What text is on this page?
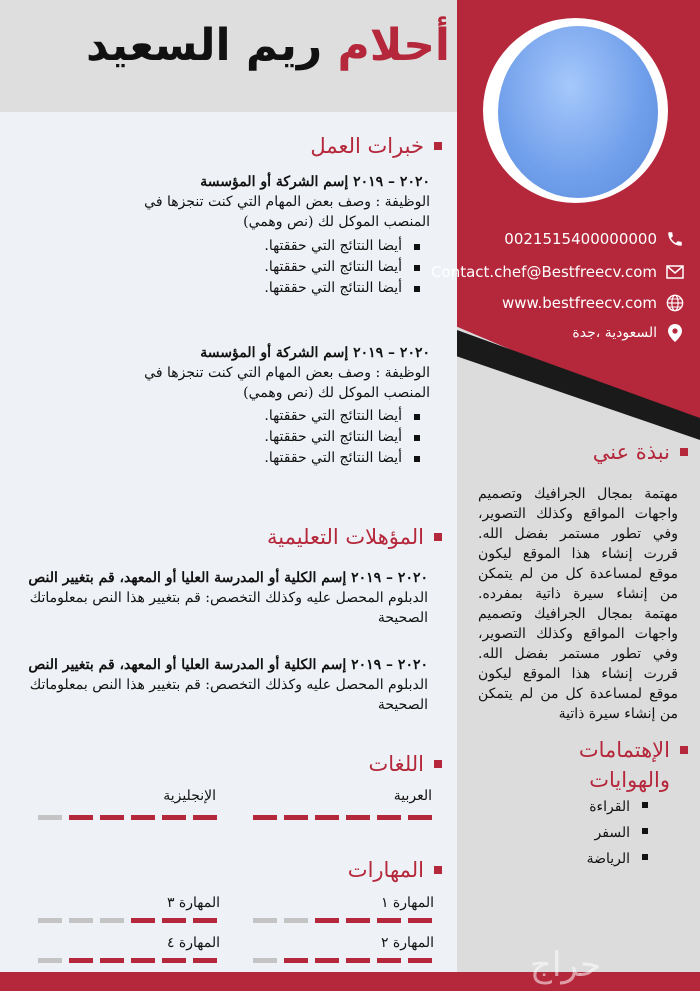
أحلام ريم السعيد
0021515400000000
Contact.chef@Bestfreecv.com
www.bestfreecv.com
السعودية ،جدة
خبرات العمل
٢٠٢٠ – ٢٠١٩ إسم الشركة أو المؤسسة
الوظيفة : وصف بعض المهام التي كنت تنجزها في المنصب الموكل لك (نص وهمي)
أيضا النتائج التي حققتها.
أيضا النتائج التي حققتها.
أيضا النتائج التي حققتها.
٢٠٢٠ – ٢٠١٩ إسم الشركة أو المؤسسة
الوظيفة : وصف بعض المهام التي كنت تنجزها في المنصب الموكل لك (نص وهمي)
أيضا النتائج التي حققتها.
أيضا النتائج التي حققتها.
أيضا النتائج التي حققتها.
المؤهلات التعليمية
٢٠٢٠ – ٢٠١٩ إسم الكلية أو المدرسة العليا أو المعهد، قم بتغيير النص
الدبلوم المحصل عليه وكذلك التخصص: قم بتغيير هذا النص بمعلوماتك الصحيحة
٢٠٢٠ – ٢٠١٩ إسم الكلية أو المدرسة العليا أو المعهد، قم بتغيير النص
الدبلوم المحصل عليه وكذلك التخصص: قم بتغيير هذا النص بمعلوماتك الصحيحة
اللغات
العربية
الإنجليزية
المهارات
المهارة ١
المهارة ٣
المهارة ٢
المهارة ٤
نبذة عني
مهتمة بمجال الجرافيك وتصميم واجهات المواقع وكذلك التصوير، وفي تطور مستمر بفضل الله. قررت إنشاء هذا الموقع ليكون موقع لمساعدة كل من لم يتمكن من إنشاء سيرة ذاتية بمفرده. مهتمة بمجال الجرافيك وتصميم واجهات المواقع وكذلك التصوير، وفي تطور مستمر بفضل الله. قررت إنشاء هذا الموقع ليكون موقع لمساعدة كل من لم يتمكن من إنشاء سيرة ذاتية
الإهتمامات والهوايات
القراءة
السفر
الرياضة
حراج
